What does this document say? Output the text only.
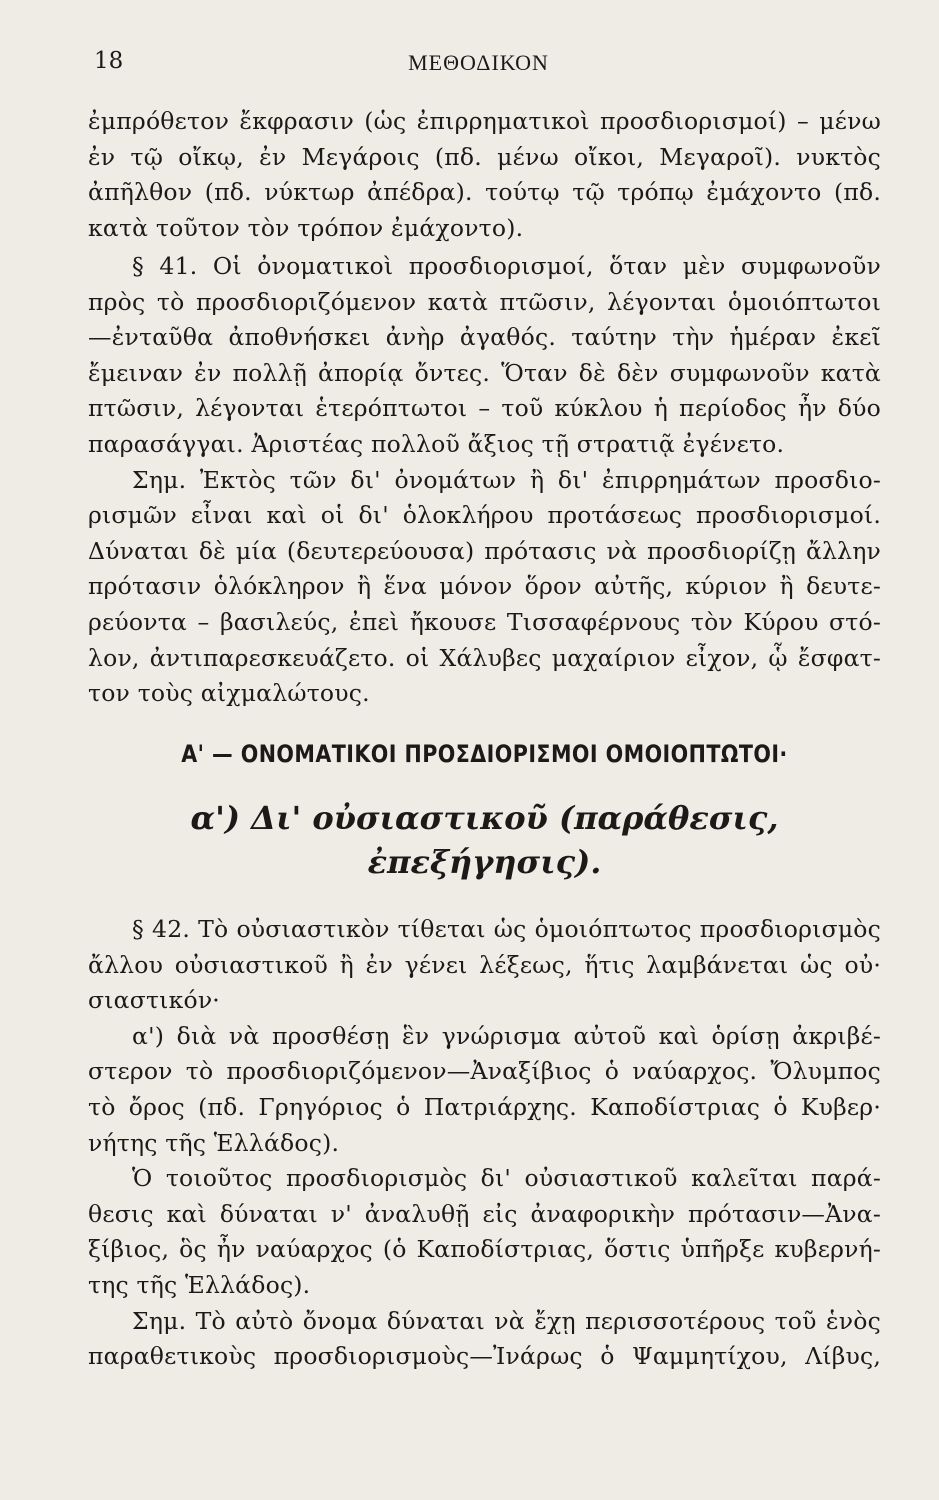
18	ΜΕΘΟΔΙΚΟΝ
ἐμπρόθετον ἔκφρασιν (ὡς ἐπιρρηματικοὶ προσδιορισμοί) – μένω
ἐν τῷ οἴκῳ, ἐν Μεγάροις (πδ. μένω οἴκοι, Μεγαροῖ). νυκτὸς
ἀπῆλθον (πδ. νύκτωρ ἀπέδρα). τούτῳ τῷ τρόπῳ ἐμάχοντο (πδ.
κατὰ τοῦτον τὸν τρόπον ἐμάχοντο).
§ 41. Οἱ ὀνοματικοὶ προσδιορισμοί, ὅταν μὲν συμφωνοῦν
πρὸς τὸ προσδιοριζόμενον κατὰ πτῶσιν, λέγονται ὁμοιόπτωτοι
—ἐνταῦθα ἀποθνήσκει ἀνὴρ ἀγαθός. ταύτην τὴν ἡμέραν ἐκεῖ
ἔμειναν ἐν πολλῇ ἀπορίᾳ ὄντες. Ὅταν δὲ δὲν συμφωνοῦν κατὰ
πτῶσιν, λέγονται ἑτερόπτωτοι – τοῦ κύκλου ἡ περίοδος ἦν δύο
παρασάγγαι. Ἀριστέας πολλοῦ ἄξιος τῇ στρατιᾷ ἐγένετο.
Σημ. Ἐκτὸς τῶν δι' ὀνομάτων ἢ δι' ἐπιρρημάτων προσδιο-
ρισμῶν εἶναι καὶ οἱ δι' ὁλοκλήρου προτάσεως προσδιορισμοί.
Δύναται δὲ μία (δευτερεύουσα) πρότασις νὰ προσδιορίζῃ ἄλλην
πρότασιν ὁλόκληρον ἢ ἕνα μόνον ὅρον αὐτῆς, κύριον ἢ δευτε-
ρεύοντα – βασιλεύς, ἐπεὶ ἤκουσε Τισσαφέρνους τὸν Κύρου στό-
λον, ἀντιπαρεσκευάζετο. οἱ Χάλυβες μαχαίριον εἶχον, ᾧ ἔσφατ-
τον τοὺς αἰχμαλώτους.
Α' — ΟΝΟΜΑΤΙΚΟΙ ΠΡΟΣΔΙΟΡΙΣΜΟΙ ΟΜΟΙΟΠΤΩΤΟΙ·
α') Δι' οὐσιαστικοῦ (παράθεσις,
ἐπεξήγησις).
§ 42. Τὸ οὐσιαστικὸν τίθεται ὡς ὁμοιόπτωτος προσδιορισμὸς
ἄλλου οὐσιαστικοῦ ἢ ἐν γένει λέξεως, ἥτις λαμβάνεται ὡς οὐ·
σιαστικόν·
α') διὰ νὰ προσθέσῃ ἓν γνώρισμα αὐτοῦ καὶ ὁρίσῃ ἀκριβέ-
στερον τὸ προσδιοριζόμενον—Ἀναξίβιος ὁ ναύαρχος. Ὄλυμπος
τὸ ὄρος (πδ. Γρηγόριος ὁ Πατριάρχης. Καποδίστριας ὁ Κυβερ·
νήτης τῆς Ἑλλάδος).
Ὁ τοιοῦτος προσδιορισμὸς δι' οὐσιαστικοῦ καλεῖται παρά-
θεσις καὶ δύναται ν' ἀναλυθῇ εἰς ἀναφορικὴν πρότασιν—Ἀνα-
ξίβιος, ὃς ἦν ναύαρχος (ὁ Καποδίστριας, ὅστις ὑπῆρξε κυβερνή-
της τῆς Ἑλλάδος).
Σημ. Τὸ αὐτὸ ὄνομα δύναται νὰ ἔχῃ περισσοτέρους τοῦ ἑνὸς
παραθετικοὺς προσδιορισμοὺς—Ἰνάρως ὁ Ψαμμητίχου, Λίβυς,
